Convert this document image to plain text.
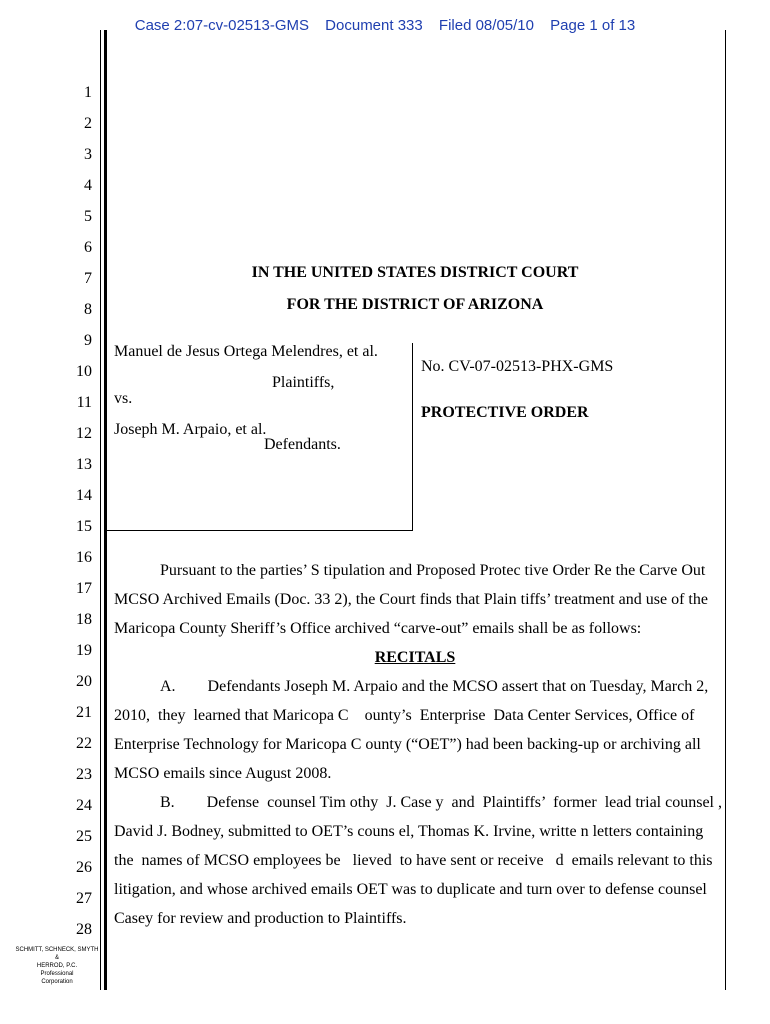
Case 2:07-cv-02513-GMS Document 333 Filed 08/05/10 Page 1 of 13
1
2
3
4
5
6
7
8
9
10
11
12
13
14
15
16
17
18
19
20
21
22
23
24
25
26
27
28
SCHMITT, SCHNECK, SMYTH &
HERROD, P.C.
Professional
Corporation
IN THE UNITED STATES DISTRICT COURT
FOR THE DISTRICT OF ARIZONA
Manuel de Jesus Ortega Melendres, et al.
Plaintiffs,
vs.
Joseph M. Arpaio, et al.
Defendants.
No. CV-07-02513-PHX-GMS
PROTECTIVE ORDER
Pursuant to the parties’ S tipulation and Proposed Protec tive Order Re the Carve Out
MCSO Archived Emails (Doc. 33 2), the Court finds that Plain tiffs’ treatment and use of the
Maricopa County Sheriff’s Office archived “carve-out” emails shall be as follows:
RECITALS
A.        Defendants Joseph M. Arpaio and the MCSO assert that on Tuesday, March 2,
2010,  they  learned that Maricopa C    ounty’s  Enterprise  Data Center Services, Office of
Enterprise Technology for Maricopa C ounty (“OET”) had been backing-up or archiving all
MCSO emails since August 2008.
B.        Defense  counsel Tim othy  J. Case y  and  Plaintiffs’  former  lead trial counsel ,
David J. Bodney, submitted to OET’s couns el, Thomas K. Irvine, writte n letters containing
the  names of MCSO employees be   lieved  to have sent or receive   d  emails relevant to this
litigation, and whose archived emails OET was to duplicate and turn over to defense counsel
Casey for review and production to Plaintiffs.
